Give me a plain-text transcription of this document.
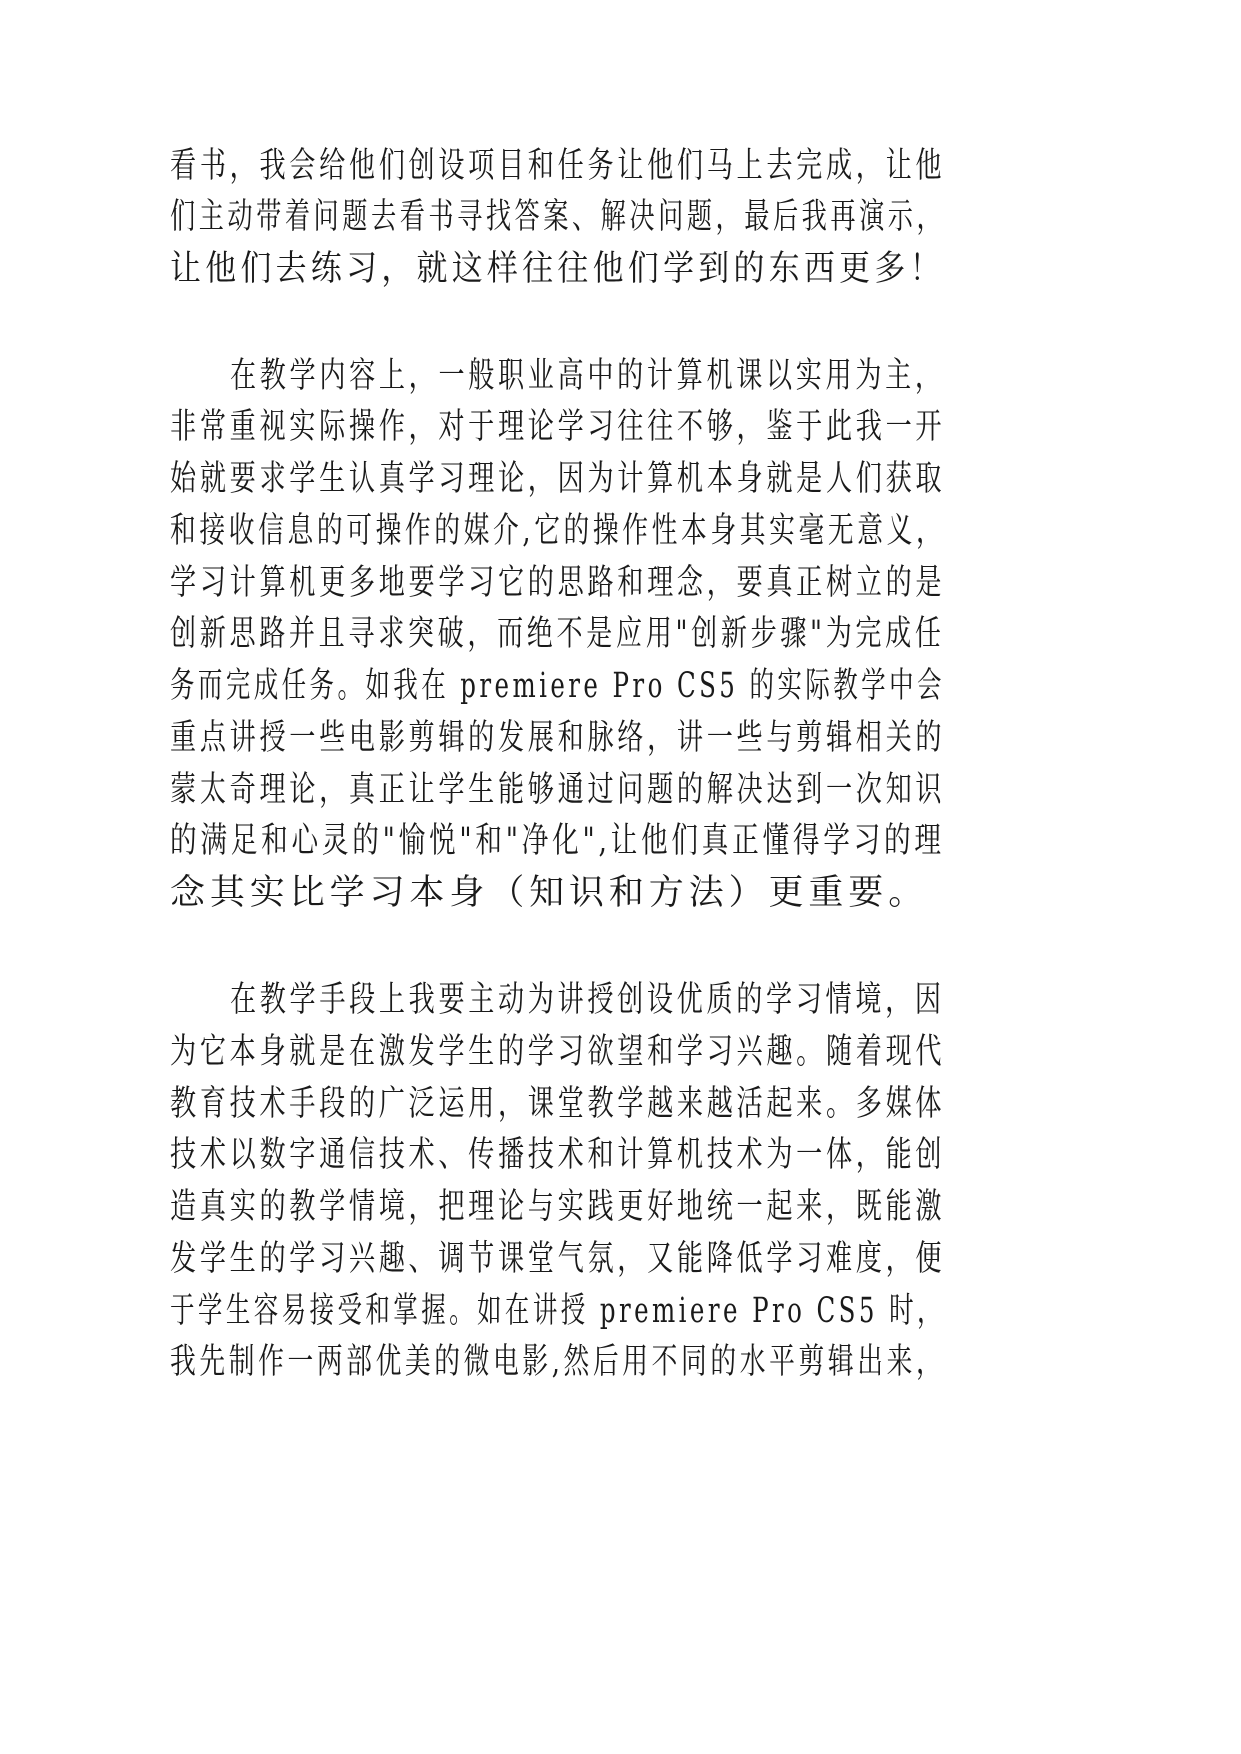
看书，我会给他们创设项目和任务让他们马上去完成，让他

们主动带着问题去看书寻找答案、解决问题，最后我再演示，

让他们去练习，就这样往往他们学到的东西更多！

在教学内容上，一般职业高中的计算机课以实用为主，

非常重视实际操作，对于理论学习往往不够，鉴于此我一开

始就要求学生认真学习理论，因为计算机本身就是人们获取

和接收信息的可操作的媒介,它的操作性本身其实毫无意义，

学习计算机更多地要学习它的思路和理念，要真正树立的是

创新思路并且寻求突破，而绝不是应用"创新步骤"为完成任

务而完成任务。如我在 premiere Pro CS5 的实际教学中会

重点讲授一些电影剪辑的发展和脉络，讲一些与剪辑相关的

蒙太奇理论，真正让学生能够通过问题的解决达到一次知识

的满足和心灵的"愉悦"和"净化",让他们真正懂得学习的理

念其实比学习本身（知识和方法）更重要。

在教学手段上我要主动为讲授创设优质的学习情境，因

为它本身就是在激发学生的学习欲望和学习兴趣。随着现代

教育技术手段的广泛运用，课堂教学越来越活起来。多媒体

技术以数字通信技术、传播技术和计算机技术为一体，能创

造真实的教学情境，把理论与实践更好地统一起来，既能激

发学生的学习兴趣、调节课堂气氛，又能降低学习难度，便

于学生容易接受和掌握。如在讲授 premiere Pro CS5 时，

我先制作一两部优美的微电影,然后用不同的水平剪辑出来，
